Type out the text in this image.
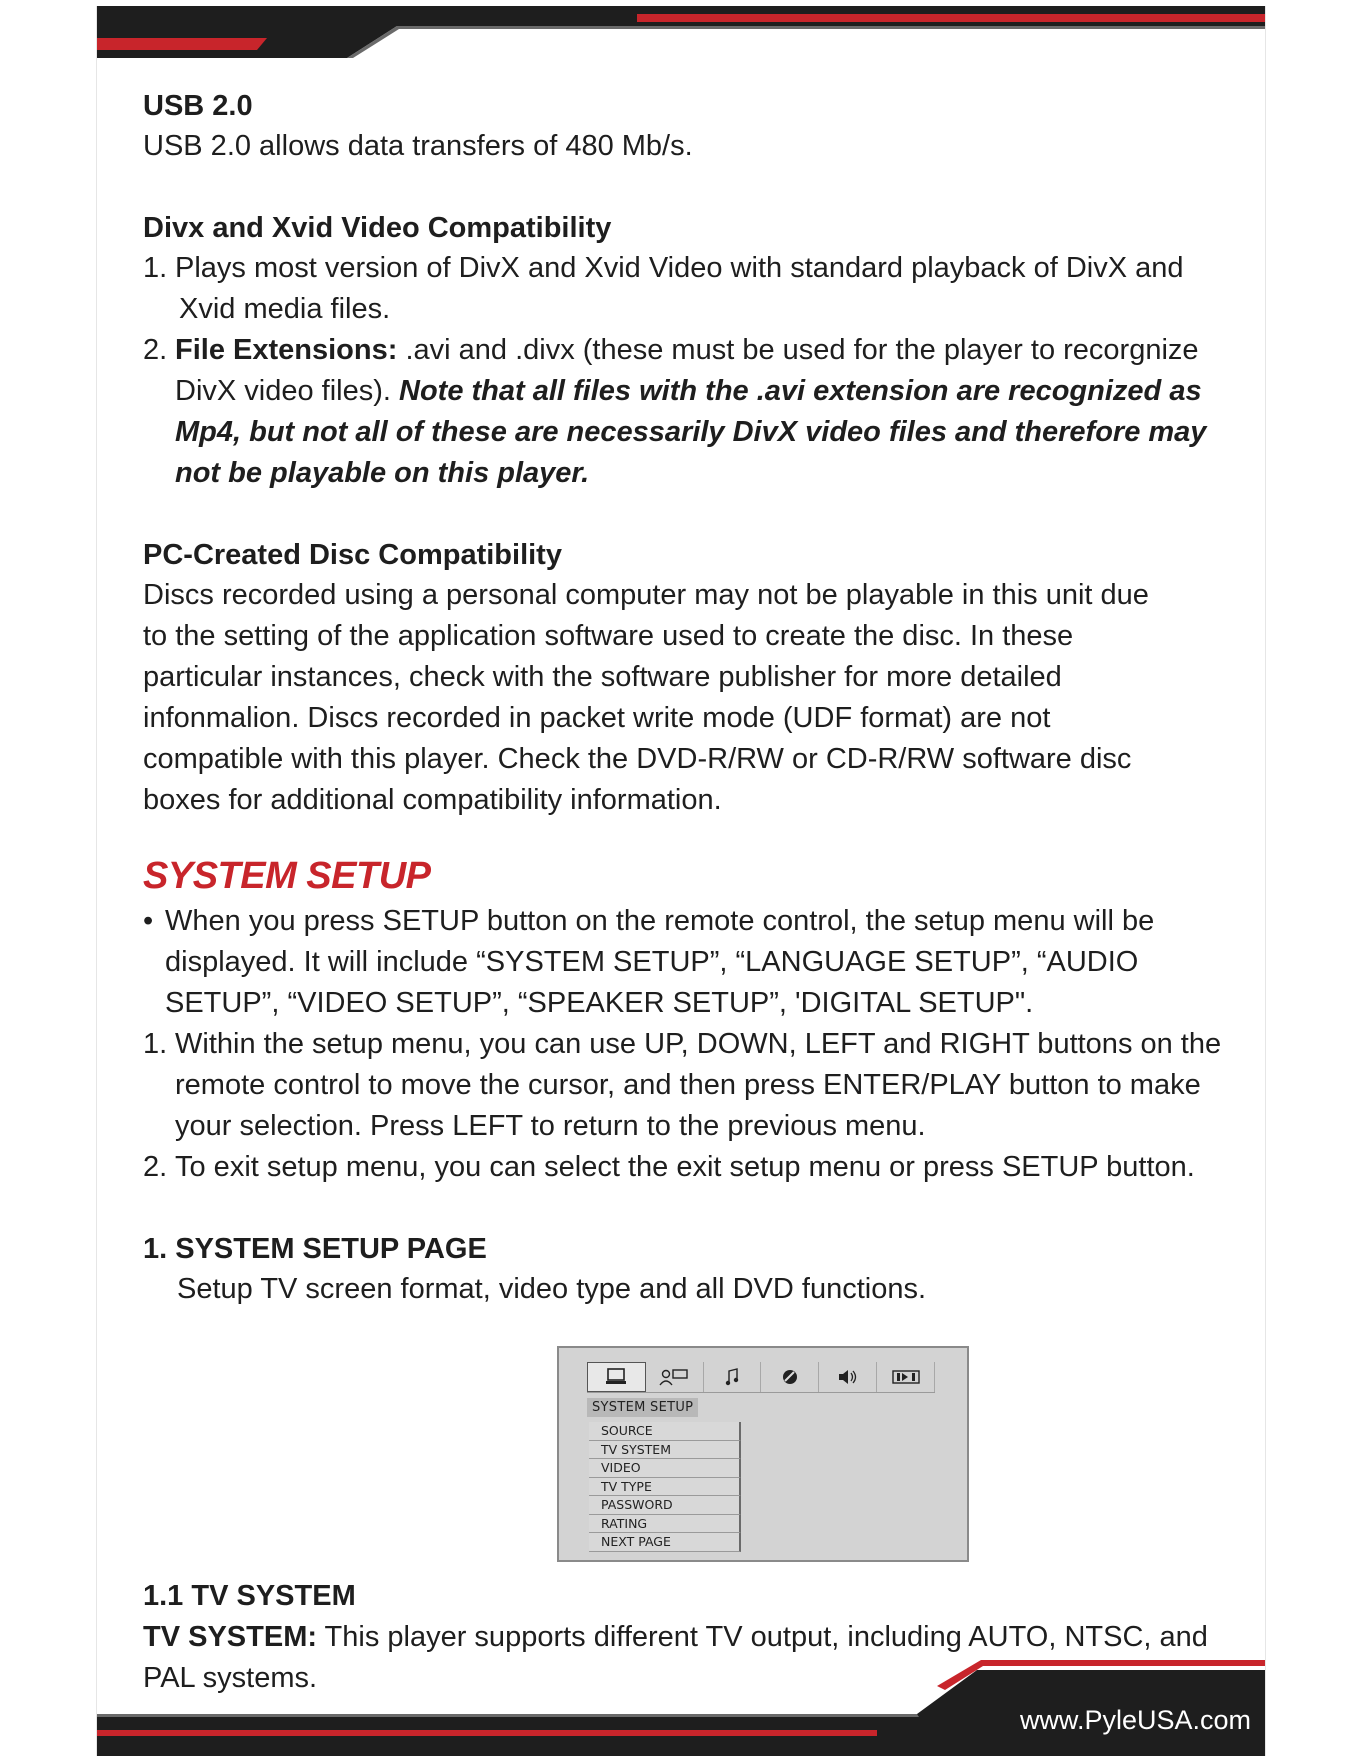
USB 2.0

USB 2.0 allows data transfers of 480 Mb/s.

Divx and Xvid Video Compatibility

1. Plays most version of DivX and Xvid Video with standard playback of DivX and
Xvid media files.
2. File Extensions: .avi and .divx (these must be used for the player to recorgnize DivX video files). Note that all files with the .avi extension are recognized as Mp4, but not all of these are necessarily DivX video files and therefore may not be playable on this player.

PC-Created Disc Compatibility

Discs recorded using a personal computer may not be playable in this unit due

to the setting of the application software used to create the disc. In these

particular instances, check with the software publisher for more detailed

infonmalion. Discs recorded in packet write mode (UDF format) are not

compatible with this player. Check the DVD-R/RW or CD-R/RW software disc

boxes for additional compatibility information.

SYSTEM SETUP

• When you press SETUP button on the remote control, the setup menu will be displayed. It will include “SYSTEM SETUP”, “LANGUAGE SETUP”, “AUDIO SETUP”, “VIDEO SETUP”, “SPEAKER SETUP”, 'DIGITAL SETUP".
1. Within the setup menu, you can use UP, DOWN, LEFT and RIGHT buttons on the remote control to move the cursor, and then press ENTER/PLAY button to make your selection. Press LEFT to return to the previous menu.
2. To exit setup menu, you can select the exit setup menu or press SETUP button.

1. SYSTEM SETUP PAGE

Setup TV screen format, video type and all DVD functions.

SYSTEM SETUP
SOURCE
TV SYSTEM
VIDEO
TV TYPE
PASSWORD
RATING
NEXT PAGE

1.1 TV SYSTEM

TV SYSTEM: This player supports different TV output, including AUTO, NTSC, and PAL systems.

www.PyleUSA.com 19
